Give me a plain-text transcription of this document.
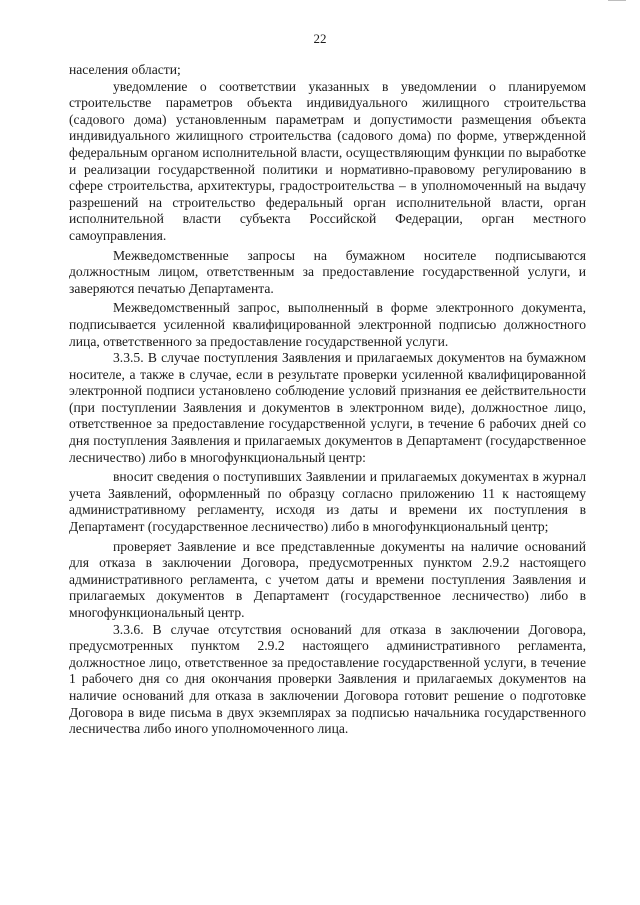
22

населения области;

уведомление о соответствии указанных в уведомлении о планируемом строительстве параметров объекта индивидуального жилищного строительства (садового дома) установленным параметрам и допустимости размещения объекта индивидуального жилищного строительства (садового дома) по форме, утвержденной федеральным органом исполнительной власти, осуществляющим функции по выработке и реализации государственной политики и нормативно-правовому регулированию в сфере строительства, архитектуры, градостроительства – в уполномоченный на выдачу разрешений на строительство федеральный орган исполнительной власти, орган исполнительной власти субъекта Российской Федерации, орган местного самоуправления.

Межведомственные запросы на бумажном носителе подписываются должностным лицом, ответственным за предоставление государственной услуги, и заверяются печатью Департамента.

Межведомственный запрос, выполненный в форме электронного документа, подписывается усиленной квалифицированной электронной подписью должностного лица, ответственного за предоставление государственной услуги.

3.3.5. В случае поступления Заявления и прилагаемых документов на бумажном носителе, а также в случае, если в результате проверки усиленной квалифицированной электронной подписи установлено соблюдение условий признания ее действительности (при поступлении Заявления и документов в электронном виде), должностное лицо, ответственное за предоставление государственной услуги, в течение 6 рабочих дней со дня поступления Заявления и прилагаемых документов в Департамент (государственное лесничество) либо в многофункциональный центр:

вносит сведения о поступивших Заявлении и прилагаемых документах в журнал учета Заявлений, оформленный по образцу согласно приложению 11 к настоящему административному регламенту, исходя из даты и времени их поступления в Департамент (государственное лесничество) либо в многофункциональный центр;

проверяет Заявление и все представленные документы на наличие оснований для отказа в заключении Договора, предусмотренных пунктом 2.9.2 настоящего административного регламента, с учетом даты и времени поступления Заявления и прилагаемых документов в Департамент (государственное лесничество) либо в многофункциональный центр.

3.3.6. В случае отсутствия оснований для отказа в заключении Договора, предусмотренных пунктом 2.9.2 настоящего административного регламента, должностное лицо, ответственное за предоставление государственной услуги, в течение 1 рабочего дня со дня окончания проверки Заявления и прилагаемых документов на наличие оснований для отказа в заключении Договора готовит решение о подготовке Договора в виде письма в двух экземплярах за подписью начальника государственного лесничества либо иного уполномоченного лица.
